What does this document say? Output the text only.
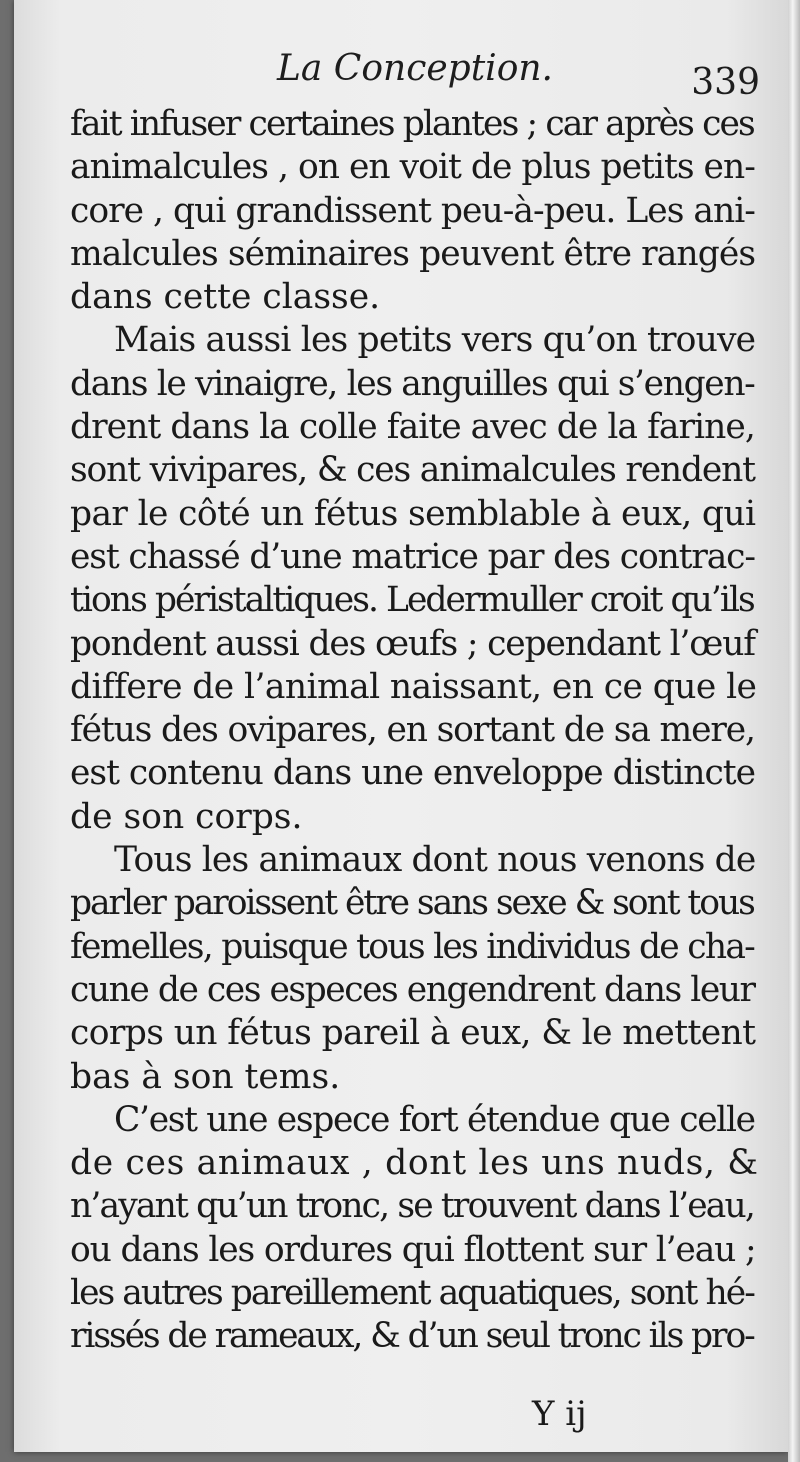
La Conception.	339

fait infuser certaines plantes ; car après ces
animalcules , on en voit de plus petits en-
core , qui grandissent peu-à-peu. Les ani-
malcules séminaires peuvent être rangés
dans cette classe.

Mais aussi les petits vers qu’on trouve
dans le vinaigre, les anguilles qui s’engen-
drent dans la colle faite avec de la farine,
sont vivipares, & ces animalcules rendent
par le côté un fétus semblable à eux, qui
est chassé d’une matrice par des contrac-
tions péristaltiques. Ledermuller croit qu’ils
pondent aussi des œufs ; cependant l’œuf
differe de l’animal naissant, en ce que le
fétus des ovipares, en sortant de sa mere,
est contenu dans une enveloppe distincte
de son corps.

Tous les animaux dont nous venons de
parler paroissent être sans sexe & sont tous
femelles, puisque tous les individus de cha-
cune de ces especes engendrent dans leur
corps un fétus pareil à eux, & le mettent
bas à son tems.

C’est une espece fort étendue que celle
de ces animaux , dont les uns nuds, &
n’ayant qu’un tronc, se trouvent dans l’eau,
ou dans les ordures qui flottent sur l’eau ;
les autres pareillement aquatiques, sont hé-
rissés de rameaux, & d’un seul tronc ils pro-

Y ij
